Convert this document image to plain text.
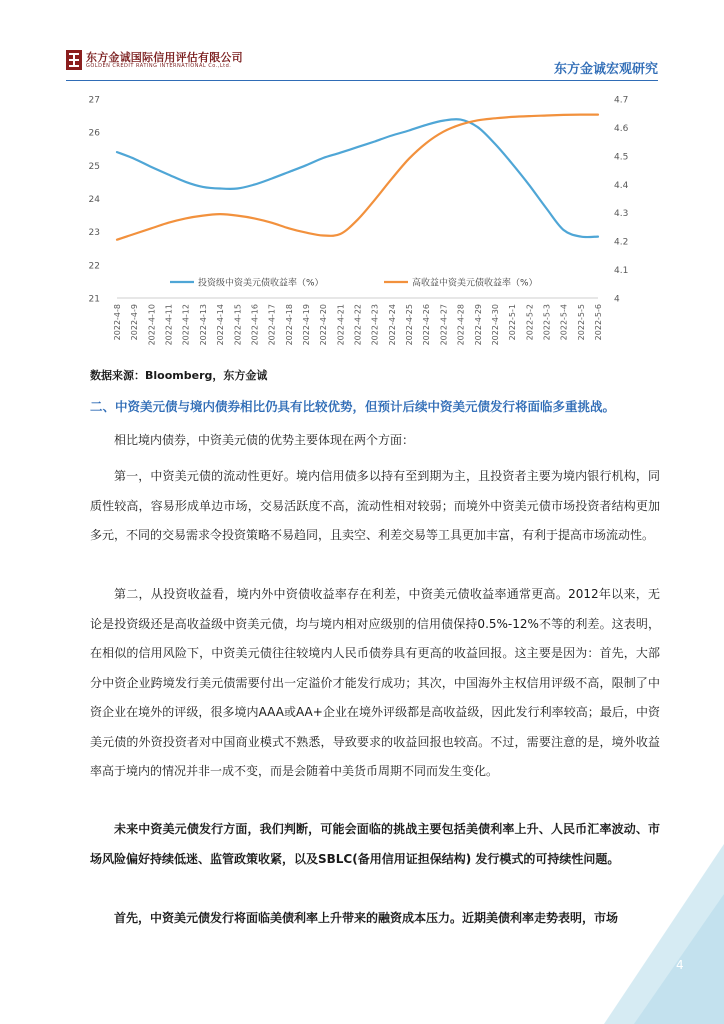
东方金诚国际信用评估有限公司
GOLDEN CREDIT RATING INTERNATIONAL Co.,Ltd.	东方金诚宏观研究
27
26
25
24
23
22
21
4.7
4.6
4.5
4.4
4.3
4.2
4.1
4
2022-4-8 2022-4-9 2022-4-10 2022-4-11 2022-4-12 2022-4-13 2022-4-14 2022-4-15 2022-4-16 2022-4-17 2022-4-18 2022-4-19 2022-4-20 2022-4-21 2022-4-22 2022-4-23 2022-4-24 2022-4-25 2022-4-26 2022-4-27 2022-4-28 2022-4-29 2022-4-30 2022-5-1 2022-5-2 2022-5-3 2022-5-4 2022-5-5 2022-5-6
投资级中资美元债收益率（%）	高收益中资美元债收益率（%）
数据来源：Bloomberg，东方金诚
二、中资美元债与境内债券相比仍具有比较优势，但预计后续中资美元债发行将面临多重挑战。

相比境内债券，中资美元债的优势主要体现在两个方面：

第一，中资美元债的流动性更好。境内信用债多以持有至到期为主，且投资者主要为境内银行机构，同质性较高，容易形成单边市场，交易活跃度不高，流动性相对较弱；而境外中资美元债市场投资者结构更加多元，不同的交易需求令投资策略不易趋同，且卖空、利差交易等工具更加丰富，有利于提高市场流动性。

第二，从投资收益看，境内外中资债收益率存在利差，中资美元债收益率通常更高。2012年以来，无论是投资级还是高收益级中资美元债，均与境内相对应级别的信用债保持0.5%-12%不等的利差。这表明，在相似的信用风险下，中资美元债往往较境内人民币债券具有更高的收益回报。这主要是因为：首先，大部分中资企业跨境发行美元债需要付出一定溢价才能发行成功；其次，中国海外主权信用评级不高，限制了中资企业在境外的评级，很多境内AAA或AA+企业在境外评级都是高收益级，因此发行利率较高；最后，中资美元债的外资投资者对中国商业模式不熟悉，导致要求的收益回报也较高。不过，需要注意的是，境外收益率高于境内的情况并非一成不变，而是会随着中美货币周期不同而发生变化。

未来中资美元债发行方面，我们判断，可能会面临的挑战主要包括美债利率上升、人民币汇率波动、市场风险偏好持续低迷、监管政策收紧，以及SBLC(备用信用证担保结构) 发行模式的可持续性问题。

首先，中资美元债发行将面临美债利率上升带来的融资成本压力。近期美债利率走势表明，市场

4
